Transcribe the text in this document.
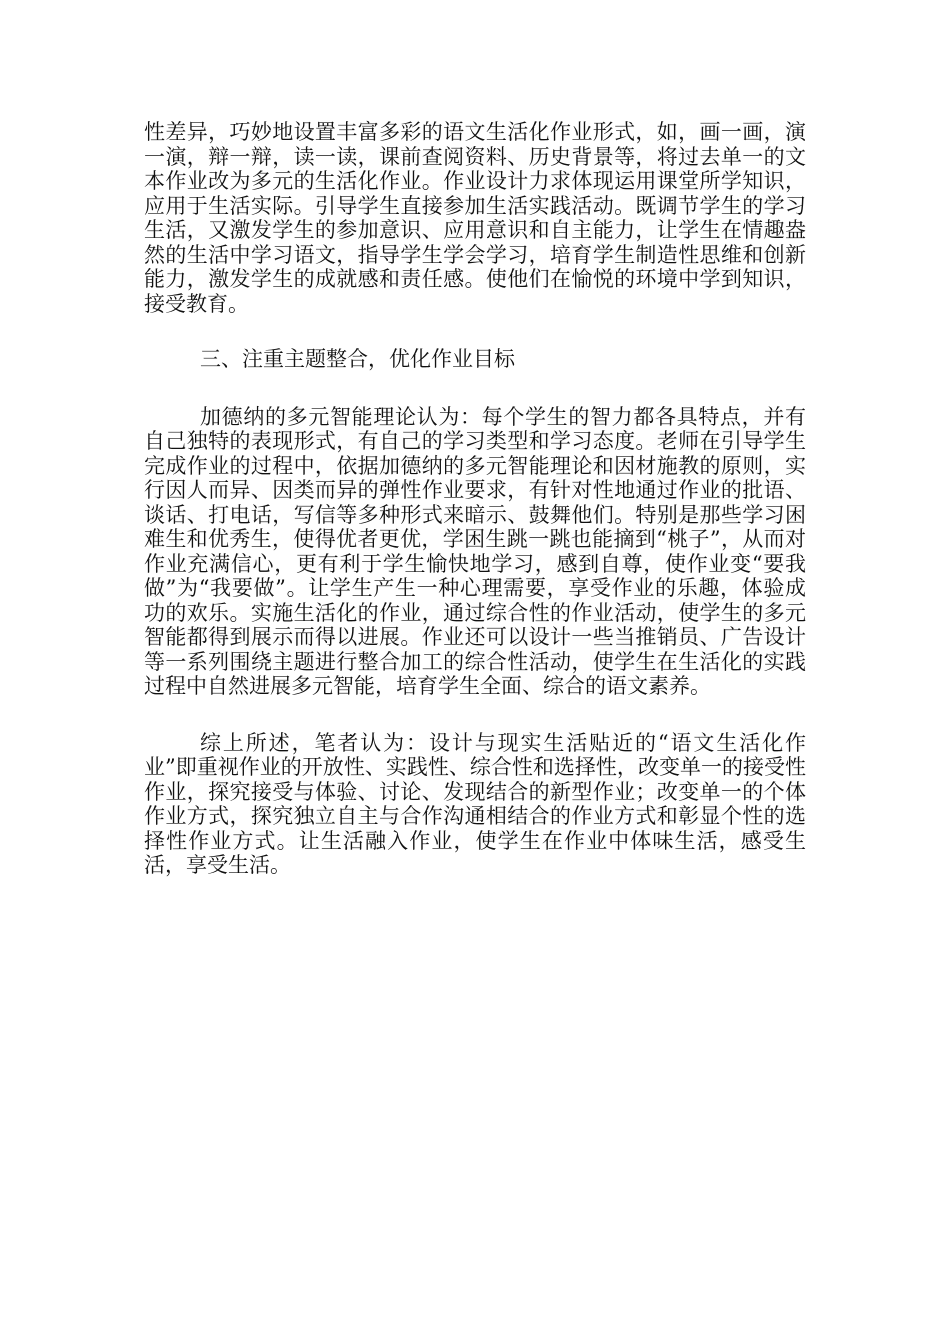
性差异，巧妙地设置丰富多彩的语文生活化作业形式，如，画一画，演一演，辩一辩，读一读，课前查阅资料、历史背景等，将过去单一的文本作业改为多元的生活化作业。作业设计力求体现运用课堂所学知识，应用于生活实际。引导学生直接参加生活实践活动。既调节学生的学习生活，又激发学生的参加意识、应用意识和自主能力，让学生在情趣盎然的生活中学习语文，指导学生学会学习，培育学生制造性思维和创新能力，激发学生的成就感和责任感。使他们在愉悦的环境中学到知识，接受教育。

三、注重主题整合，优化作业目标

加德纳的多元智能理论认为：每个学生的智力都各具特点，并有自己独特的表现形式，有自己的学习类型和学习态度。老师在引导学生完成作业的过程中，依据加德纳的多元智能理论和因材施教的原则，实行因人而异、因类而异的弹性作业要求，有针对性地通过作业的批语、谈话、打电话，写信等多种形式来暗示、鼓舞他们。特别是那些学习困难生和优秀生，使得优者更优，学困生跳一跳也能摘到“桃子”，从而对作业充满信心，更有利于学生愉快地学习，感到自尊，使作业变“要我做”为“我要做”。让学生产生一种心理需要，享受作业的乐趣，体验成功的欢乐。实施生活化的作业，通过综合性的作业活动，使学生的多元智能都得到展示而得以进展。作业还可以设计一些当推销员、广告设计等一系列围绕主题进行整合加工的综合性活动，使学生在生活化的实践过程中自然进展多元智能，培育学生全面、综合的语文素养。

综上所述，笔者认为：设计与现实生活贴近的“语文生活化作业”即重视作业的开放性、实践性、综合性和选择性，改变单一的接受性作业，探究接受与体验、讨论、发现结合的新型作业；改变单一的个体作业方式，探究独立自主与合作沟通相结合的作业方式和彰显个性的选择性作业方式。让生活融入作业，使学生在作业中体味生活，感受生活，享受生活。
